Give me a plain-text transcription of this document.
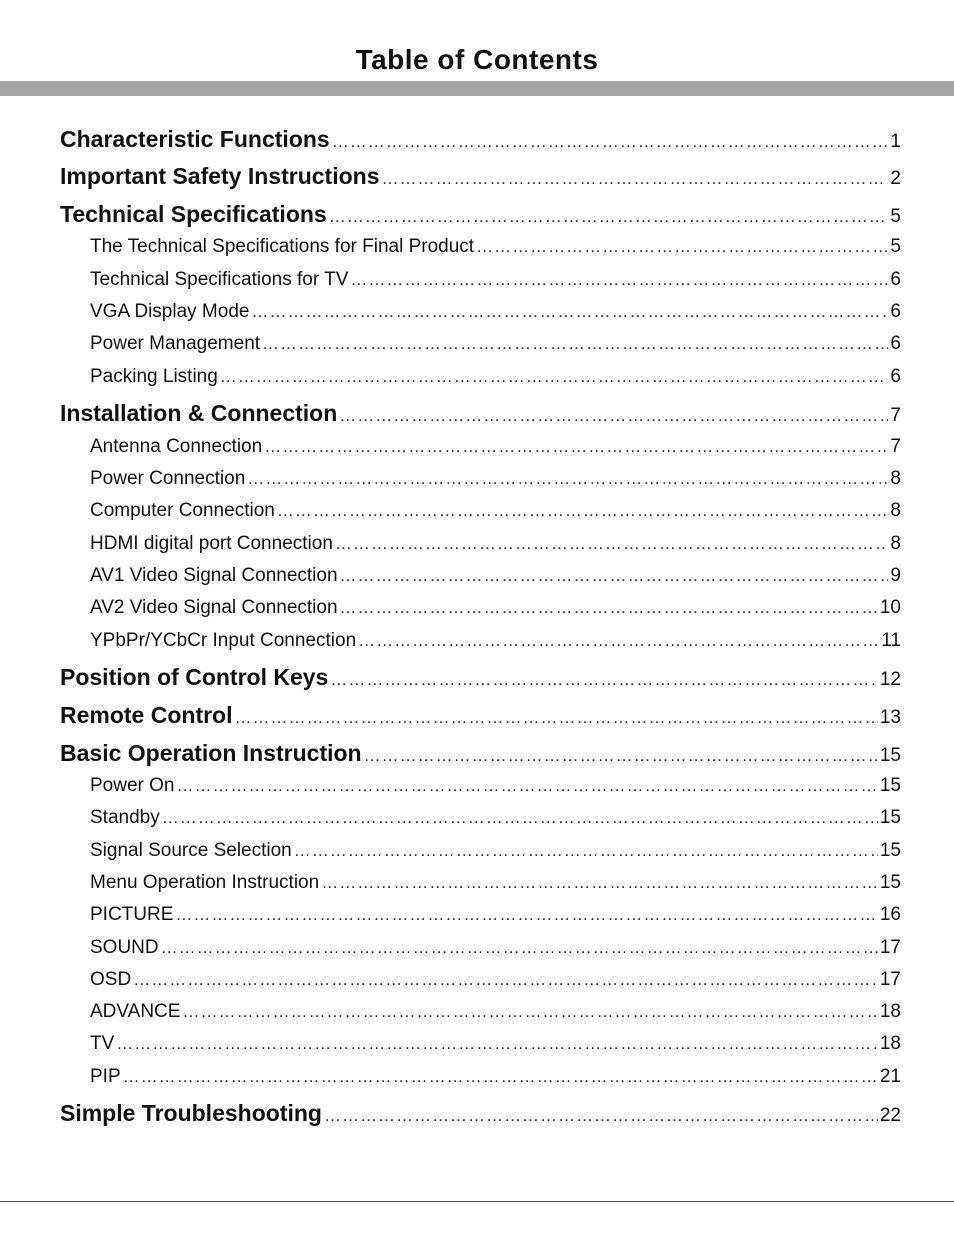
Table of Contents
Characteristic Functions ………………………………………………………………………………………………………………………………………………………………	1
Important Safety Instructions ………………………………………………………………………………………………………………………………………………………………	2
Technical Specifications ………………………………………………………………………………………………………………………………………………………………	5
The Technical Specifications for Final Product ………………………………………………………………………………………………………………………………………………………………	5
Technical Specifications for TV ………………………………………………………………………………………………………………………………………………………………	6
VGA Display Mode ………………………………………………………………………………………………………………………………………………………………	6
Power Management ………………………………………………………………………………………………………………………………………………………………	6
Packing Listing ………………………………………………………………………………………………………………………………………………………………	6
Installation & Connection ………………………………………………………………………………………………………………………………………………………………	7
Antenna Connection ………………………………………………………………………………………………………………………………………………………………	7
Power Connection ………………………………………………………………………………………………………………………………………………………………	8
Computer Connection ………………………………………………………………………………………………………………………………………………………………	8
HDMI digital port Connection ………………………………………………………………………………………………………………………………………………………………	8
AV1 Video Signal Connection ………………………………………………………………………………………………………………………………………………………………	9
AV2 Video Signal Connection ………………………………………………………………………………………………………………………………………………………………	10
YPbPr/YCbCr Input Connection ………………………………………………………………………………………………………………………………………………………………	11
Position of Control Keys ………………………………………………………………………………………………………………………………………………………………	12
Remote Control ………………………………………………………………………………………………………………………………………………………………	13
Basic Operation Instruction ………………………………………………………………………………………………………………………………………………………………	15
Power On ………………………………………………………………………………………………………………………………………………………………	15
Standby ………………………………………………………………………………………………………………………………………………………………	15
Signal Source Selection ………………………………………………………………………………………………………………………………………………………………	15
Menu Operation Instruction ………………………………………………………………………………………………………………………………………………………………	15
PICTURE ………………………………………………………………………………………………………………………………………………………………	16
SOUND ………………………………………………………………………………………………………………………………………………………………	17
OSD ………………………………………………………………………………………………………………………………………………………………	17
ADVANCE ………………………………………………………………………………………………………………………………………………………………	18
TV ………………………………………………………………………………………………………………………………………………………………	18
PIP ………………………………………………………………………………………………………………………………………………………………	21
Simple Troubleshooting ………………………………………………………………………………………………………………………………………………………………	22
